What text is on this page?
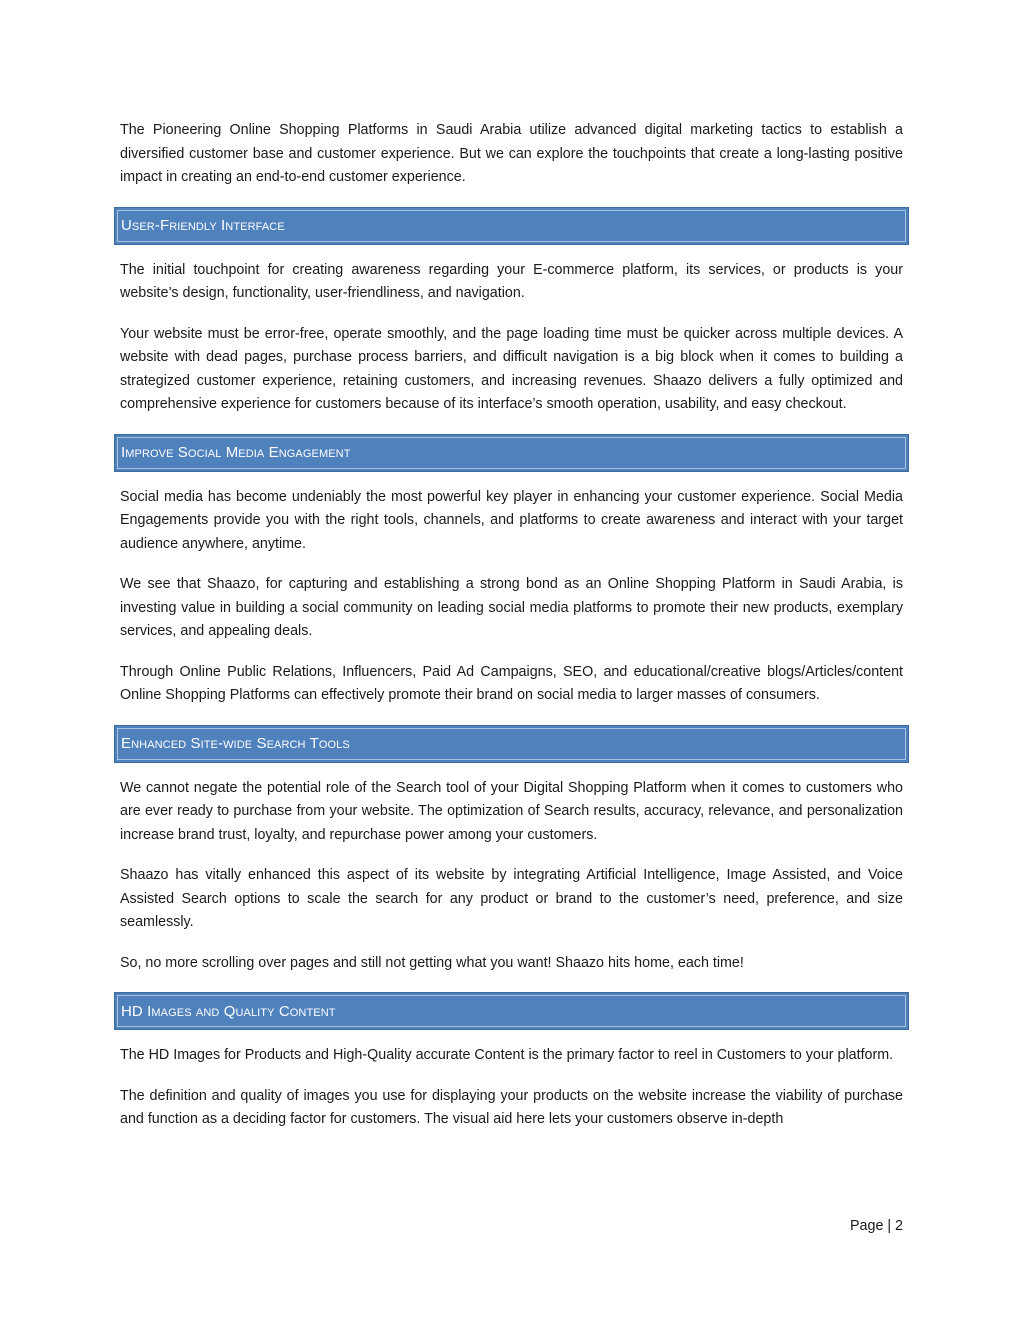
The Pioneering Online Shopping Platforms in Saudi Arabia utilize advanced digital marketing tactics to establish a diversified customer base and customer experience. But we can explore the touchpoints that create a long-lasting positive impact in creating an end-to-end customer experience.

User-Friendly Interface

The initial touchpoint for creating awareness regarding your E-commerce platform, its services, or products is your website’s design, functionality, user-friendliness, and navigation.

Your website must be error-free, operate smoothly, and the page loading time must be quicker across multiple devices. A website with dead pages, purchase process barriers, and difficult navigation is a big block when it comes to building a strategized customer experience, retaining customers, and increasing revenues. Shaazo delivers a fully optimized and comprehensive experience for customers because of its interface’s smooth operation, usability, and easy checkout.

Improve Social Media Engagement

Social media has become undeniably the most powerful key player in enhancing your customer experience. Social Media Engagements provide you with the right tools, channels, and platforms to create awareness and interact with your target audience anywhere, anytime.

We see that Shaazo, for capturing and establishing a strong bond as an Online Shopping Platform in Saudi Arabia, is investing value in building a social community on leading social media platforms to promote their new products, exemplary services, and appealing deals.

Through Online Public Relations, Influencers, Paid Ad Campaigns, SEO, and educational/creative blogs/Articles/content Online Shopping Platforms can effectively promote their brand on social media to larger masses of consumers.

Enhanced Site-wide Search Tools

We cannot negate the potential role of the Search tool of your Digital Shopping Platform when it comes to customers who are ever ready to purchase from your website. The optimization of Search results, accuracy, relevance, and personalization increase brand trust, loyalty, and repurchase power among your customers.

Shaazo has vitally enhanced this aspect of its website by integrating Artificial Intelligence, Image Assisted, and Voice Assisted Search options to scale the search for any product or brand to the customer’s need, preference, and size seamlessly.

So, no more scrolling over pages and still not getting what you want! Shaazo hits home, each time!

HD Images and Quality Content

The HD Images for Products and High-Quality accurate Content is the primary factor to reel in Customers to your platform.

The definition and quality of images you use for displaying your products on the website increase the viability of purchase and function as a deciding factor for customers. The visual aid here lets your customers observe in-depth

Page | 2
